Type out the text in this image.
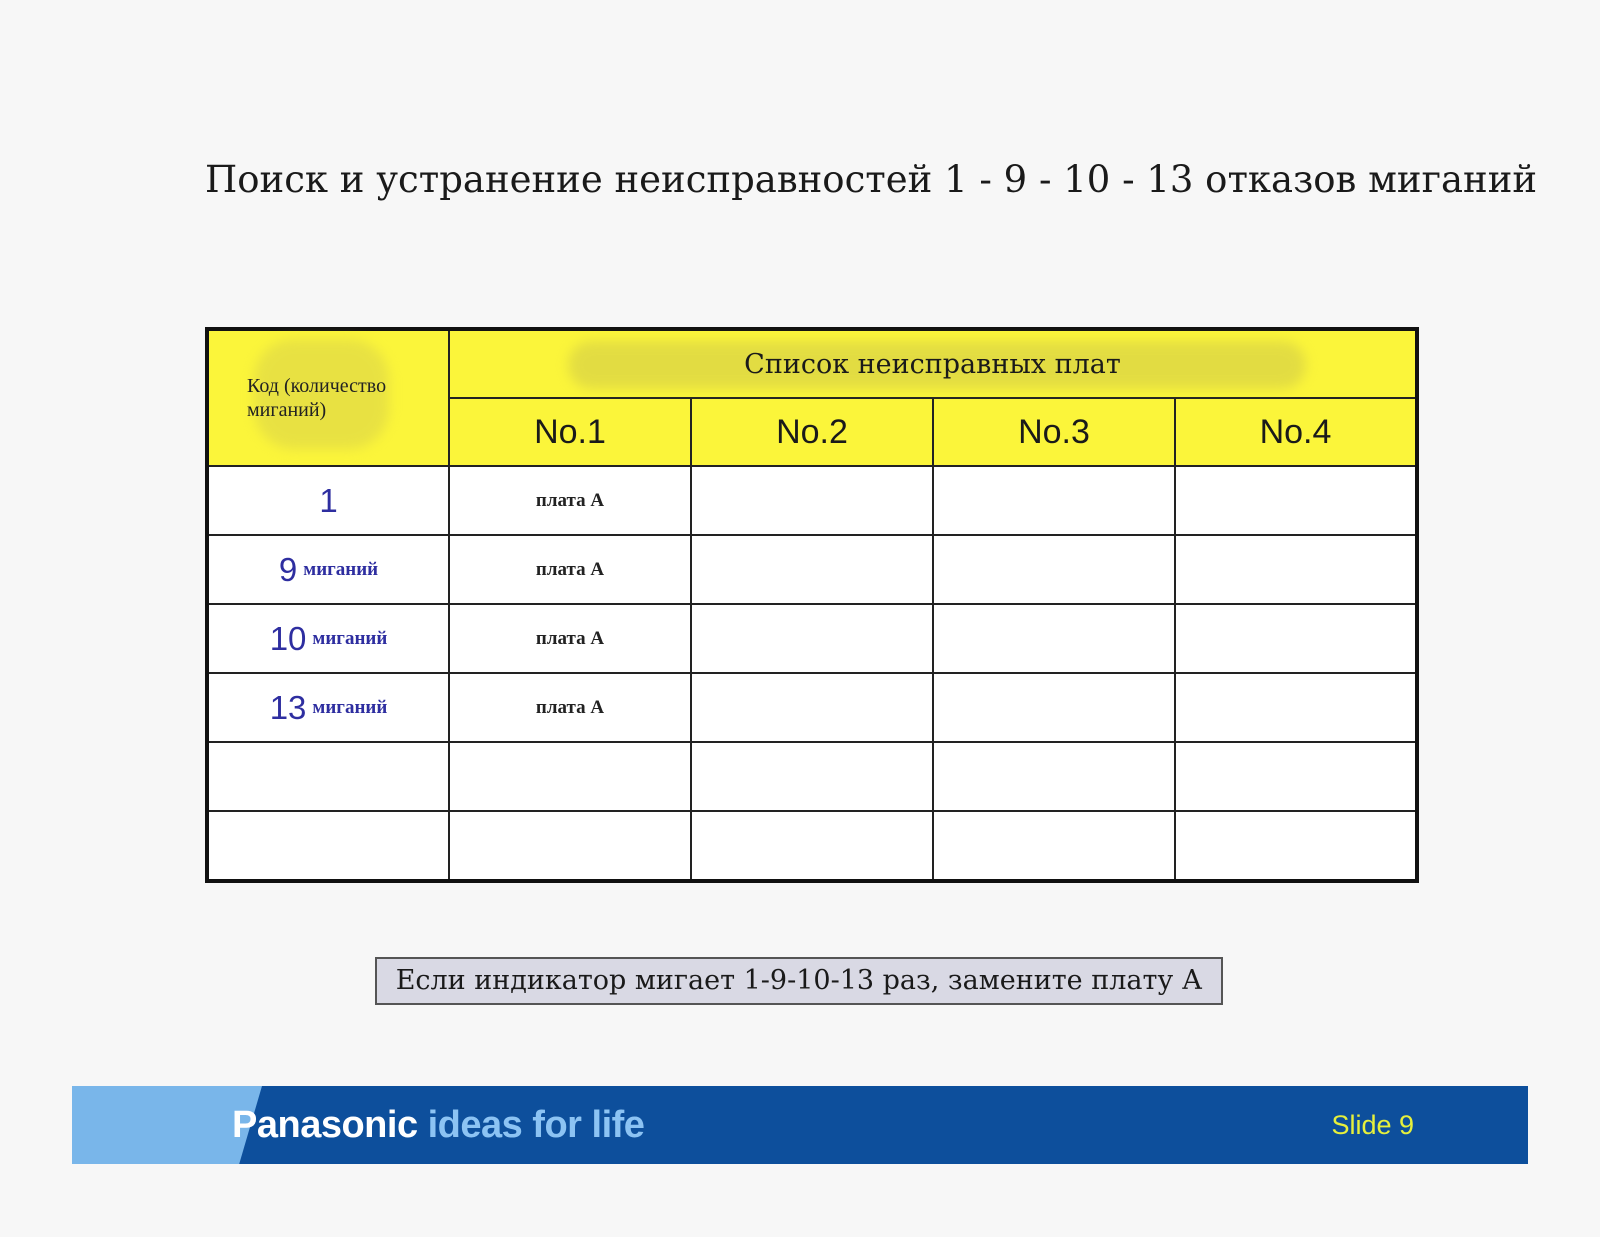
Поиск и устранение неисправностей 1 - 9 - 10 - 13 отказов миганий
Код (количество миганий)	Список неисправных плат			
	No.1	No.2	No.3	No.4
1	плата А			
9 миганий	плата А			
10 миганий	плата А			
13 миганий	плата А			

Если индикатор мигает 1-9-10-13 раз, замените плату А
Panasonic ideas for life	Slide 9
